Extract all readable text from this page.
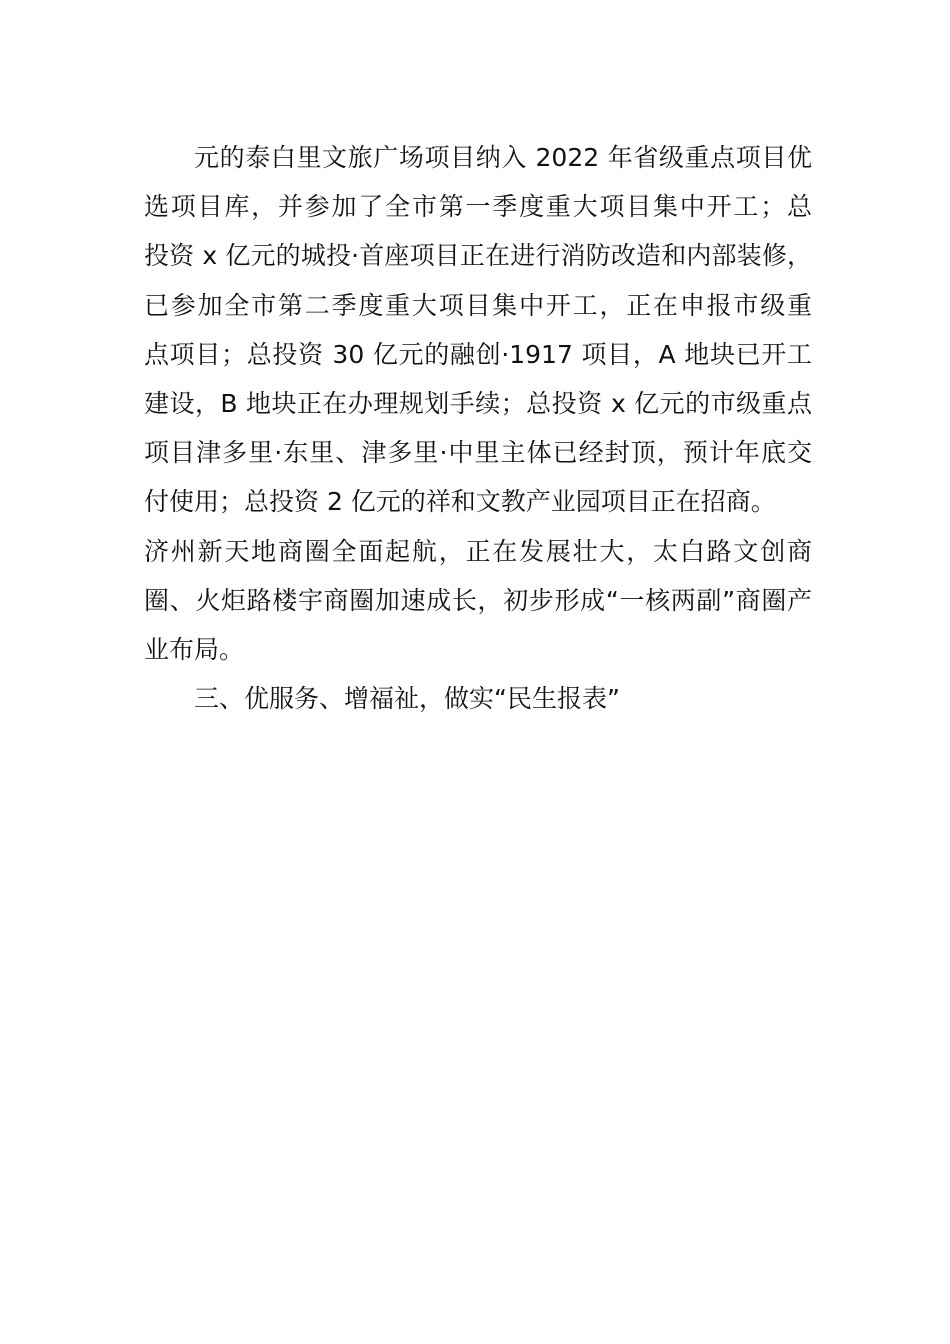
元的泰白里文旅广场项目纳入 2022 年省级重点项目优
选项目库，并参加了全市第一季度重大项目集中开工；总
投资 x 亿元的城投·首座项目正在进行消防改造和内部装修，
已参加全市第二季度重大项目集中开工，正在申报市级重
点项目；总投资 30 亿元的融创·1917 项目，A 地块已开工
建设，B 地块正在办理规划手续；总投资 x 亿元的市级重点
项目津多里·东里、津多里·中里主体已经封顶，预计年底交
付使用；总投资 2 亿元的祥和文教产业园项目正在招商。
济州新天地商圈全面起航，正在发展壮大，太白路文创商
圈、火炬路楼宇商圈加速成长，初步形成“一核两副”商圈产
业布局。
三、优服务、增福祉，做实“民生报表”
